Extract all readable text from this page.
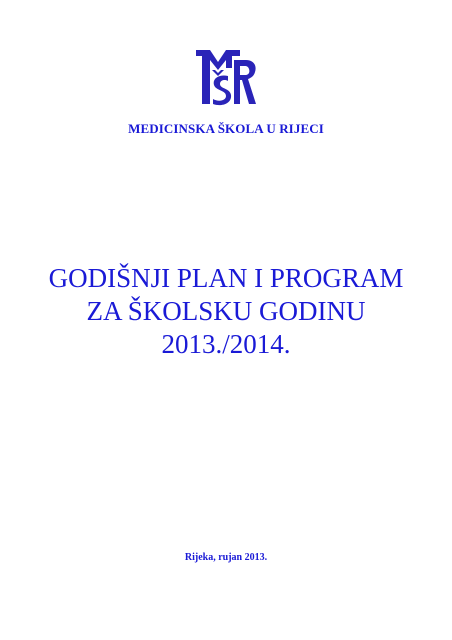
MEDICINSKA ŠKOLA U RIJECI
GODIŠNJI PLAN I PROGRAM
ZA ŠKOLSKU GODINU
2013./2014.
Rijeka, rujan 2013.
